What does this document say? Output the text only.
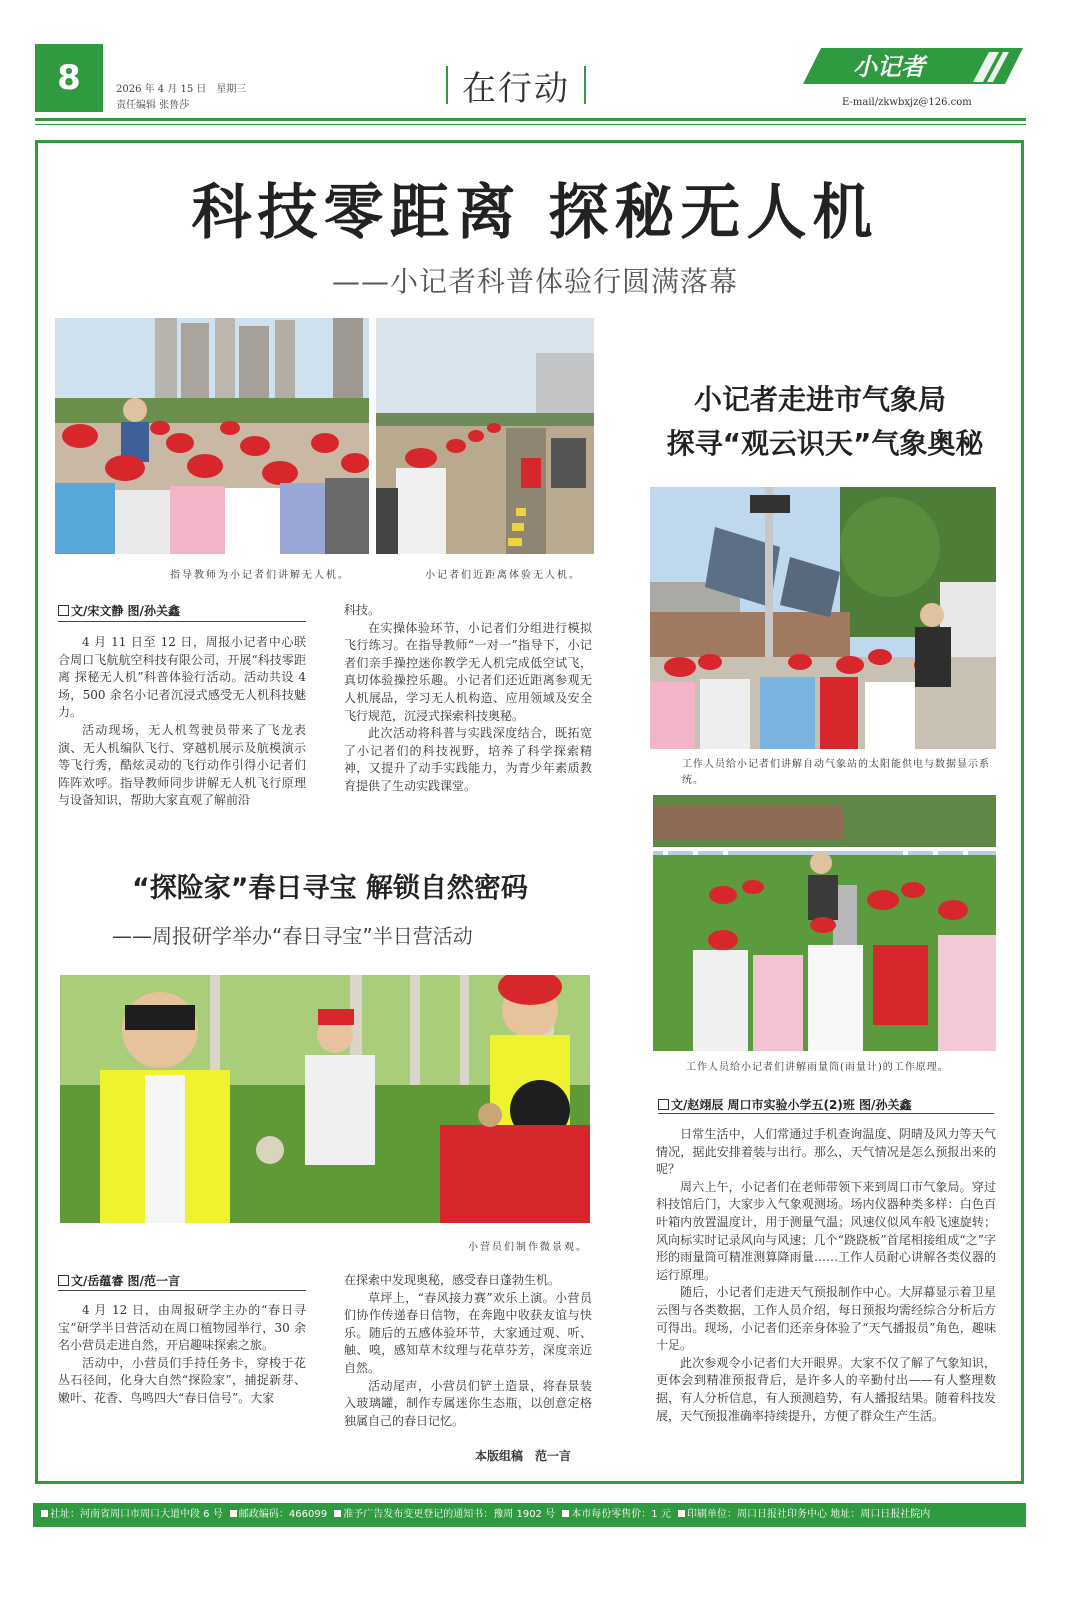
8	2026 年 4 月 15 日　星期三
责任编辑 张鲁莎	在行动
小记者
E-mail/zkwbxjz@126.com
科技零距离 探秘无人机
——小记者科普体验行圆满落幕
指导教师为小记者们讲解无人机。	小记者们近距离体验无人机。
文/宋文静 图/孙关鑫

4 月 11 日至 12 日，周报小记者中心联合周口飞航航空科技有限公司，开展“科技零距离 探秘无人机”科普体验行活动。活动共设 4 场，500 余名小记者沉浸式感受无人机科技魅力。

活动现场，无人机驾驶员带来了飞龙表演、无人机编队飞行、穿越机展示及航模演示等飞行秀，酷炫灵动的飞行动作引得小记者们阵阵欢呼。指导教师同步讲解无人机飞行原理与设备知识，帮助大家直观了解前沿

科技。

在实操体验环节，小记者们分组进行模拟飞行练习。在指导教师“一对一”指导下，小记者们亲手操控迷你教学无人机完成低空试飞，真切体验操控乐趣。小记者们还近距离参观无人机展品，学习无人机构造、应用领域及安全飞行规范，沉浸式探索科技奥秘。

此次活动将科普与实践深度结合，既拓宽了小记者们的科技视野，培养了科学探索精神，又提升了动手实践能力，为青少年素质教育提供了生动实践课堂。

小记者走进市气象局
探寻“观云识天”气象奥秘
工作人员给小记者们讲解自动气象站的太阳能供电与数据显示系统。
工作人员给小记者们讲解雨量筒(雨量计)的工作原理。
文/赵翊辰 周口市实验小学五(2)班 图/孙关鑫

日常生活中，人们常通过手机查询温度、阴晴及风力等天气情况，据此安排着装与出行。那么，天气情况是怎么预报出来的呢？

周六上午，小记者们在老师带领下来到周口市气象局。穿过科技馆后门，大家步入气象观测场。场内仪器种类多样：白色百叶箱内放置温度计，用于测量气温；风速仪似风车般飞速旋转；风向标实时记录风向与风速；几个“跷跷板”首尾相接组成“之”字形的雨量筒可精准测算降雨量……工作人员耐心讲解各类仪器的运行原理。

随后，小记者们走进天气预报制作中心。大屏幕显示着卫星云图与各类数据，工作人员介绍，每日预报均需经综合分析后方可得出。现场，小记者们还亲身体验了“天气播报员”角色，趣味十足。

此次参观令小记者们大开眼界。大家不仅了解了气象知识，更体会到精准预报背后，是许多人的辛勤付出——有人整理数据，有人分析信息，有人预测趋势，有人播报结果。随着科技发展，天气预报准确率持续提升，方便了群众生产生活。

“探险家”春日寻宝 解锁自然密码
——周报研学举办“春日寻宝”半日营活动
小营员们制作微景观。
文/岳蕴睿 图/范一言

4 月 12 日，由周报研学主办的“春日寻宝”研学半日营活动在周口植物园举行，30 余名小营员走进自然，开启趣味探索之旅。

活动中，小营员们手持任务卡，穿梭于花丛石径间，化身大自然“探险家”，捕捉新芽、嫩叶、花香、鸟鸣四大“春日信号”。大家

在探索中发现奥秘，感受春日蓬勃生机。

草坪上，“春风接力赛”欢乐上演。小营员们协作传递春日信物，在奔跑中收获友谊与快乐。随后的五感体验环节，大家通过观、听、触、嗅，感知草木纹理与花草芬芳，深度亲近自然。

活动尾声，小营员们铲土造景，将春景装入玻璃罐，制作专属迷你生态瓶，以创意定格独属自己的春日记忆。

本版组稿　范一言
社址：河南省周口市周口大道中段 6 号 邮政编码：466099 准予广告发布变更登记的通知书：豫周 1902 号 本市每份零售价：1 元 印刷单位：周口日报社印务中心 地址：周口日报社院内
